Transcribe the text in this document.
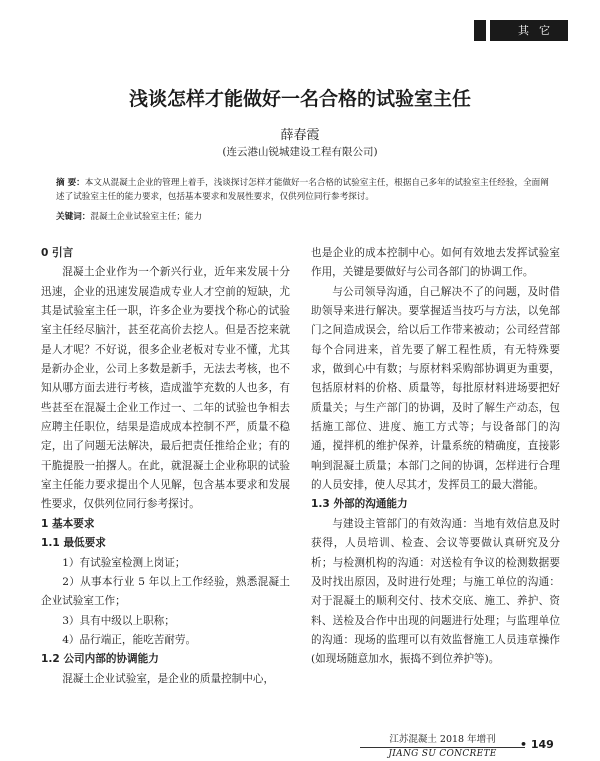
其它
浅谈怎样才能做好一名合格的试验室主任
薛春霞
(连云港山锐城建设工程有限公司)
摘 要：本文从混凝土企业的管理上着手，浅谈探讨怎样才能做好一名合格的试验室主任，根据自己多年的试验室主任经验，全面阐述了试验室主任的能力要求，包括基本要求和发展性要求，仅供列位同行参考探讨。
关键词：混凝土企业试验室主任；能力
0 引言

混凝土企业作为一个新兴行业，近年来发展十分迅速，企业的迅速发展造成专业人才空前的短缺，尤其是试验室主任一职，许多企业为要找个称心的试验室主任经尽脑汁，甚至花高价去挖人。但是否挖来就是人才呢？不好说，很多企业老板对专业不懂，尤其是新办企业，公司上多数是新手，无法去考核，也不知从哪方面去进行考核，造成滥竽充数的人也多，有些甚至在混凝土企业工作过一、二年的试验也争相去应聘主任职位，结果是造成成本控制不严，质量不稳定，出了问题无法解决，最后把责任推给企业；有的干脆提股一拍撂人。在此，就混凝土企业称职的试验室主任能力要求提出个人见解，包含基本要求和发展性要求，仅供列位同行参考探讨。

1 基本要求
1.1 最低要求

1）有试验室检测上岗证；

2）从事本行业 5 年以上工作经验，熟悉混凝土企业试验室工作；

3）具有中级以上职称；

4）品行端正，能吃苦耐劳。

1.2 公司内部的协调能力

混凝土企业试验室，是企业的质量控制中心，

也是企业的成本控制中心。如何有效地去发挥试验室作用，关键是要做好与公司各部门的协调工作。

与公司领导沟通，自己解决不了的问题，及时借助领导来进行解决。要掌握适当技巧与方法，以免部门之间造成误会，给以后工作带来被动；公司经营部每个合同进来，首先要了解工程性质，有无特殊要求，做到心中有数；与原材料采购部协调更为重要，包括原材料的价格、质量等，每批原材料进场要把好质量关；与生产部门的协调，及时了解生产动态，包括施工部位、进度、施工方式等；与设备部门的沟通，搅拌机的维护保养，计量系统的精确度，直接影响到混凝土质量；本部门之间的协调，怎样进行合理的人员安排，使人尽其才，发挥员工的最大潜能。

1.3 外部的沟通能力

与建设主管部门的有效沟通：当地有效信息及时获得，人员培训、检查、会议等要做认真研究及分析；与检测机构的沟通：对送检有争议的检测数据要及时找出原因，及时进行处理；与施工单位的沟通：对于混凝土的顺利交付、技术交底、施工、养护、资料、送检及合作中出现的问题进行处理；与监理单位的沟通：现场的监理可以有效监督施工人员违章操作(如现场随意加水，振捣不到位养护等)。

江苏混凝土 2018 年增刊
JIANG SU CONCRETE
• 149
